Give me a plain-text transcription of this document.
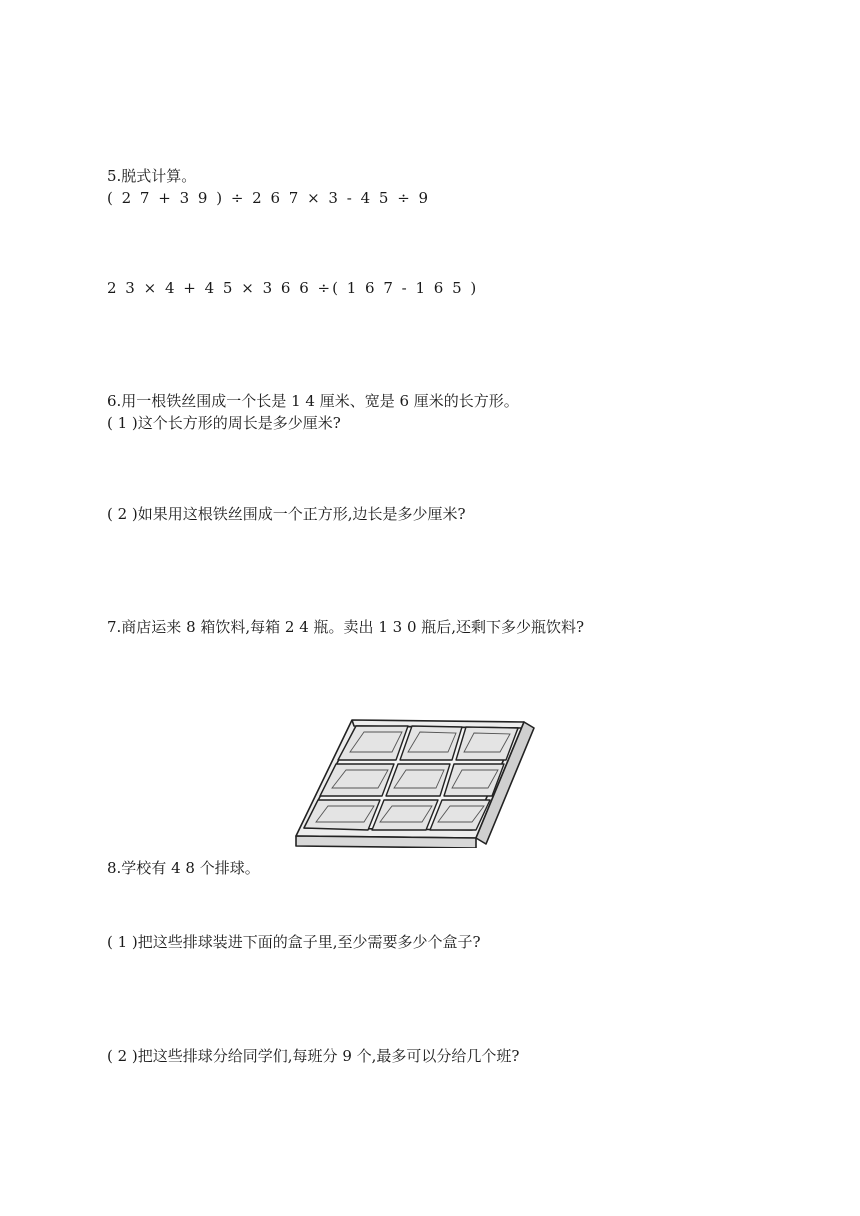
5.脱式计算。

( 2 7 + 3 9 ) ÷ 2 6 7 × 3 - 4 5 ÷ 9

2 3 × 4 + 4 5 × 3 6 6 ÷( 1 6 7 - 1 6 5 )

6.用一根铁丝围成一个长是 1 4 厘米、宽是 6 厘米的长方形。

( 1 )这个长方形的周长是多少厘米?

( 2 )如果用这根铁丝围成一个正方形,边长是多少厘米?

7.商店运来 8 箱饮料,每箱 2 4 瓶。卖出 1 3 0 瓶后,还剩下多少瓶饮料?

8.学校有 4 8 个排球。

( 1 )把这些排球装进下面的盒子里,至少需要多少个盒子?

( 2 )把这些排球分给同学们,每班分 9 个,最多可以分给几个班?
